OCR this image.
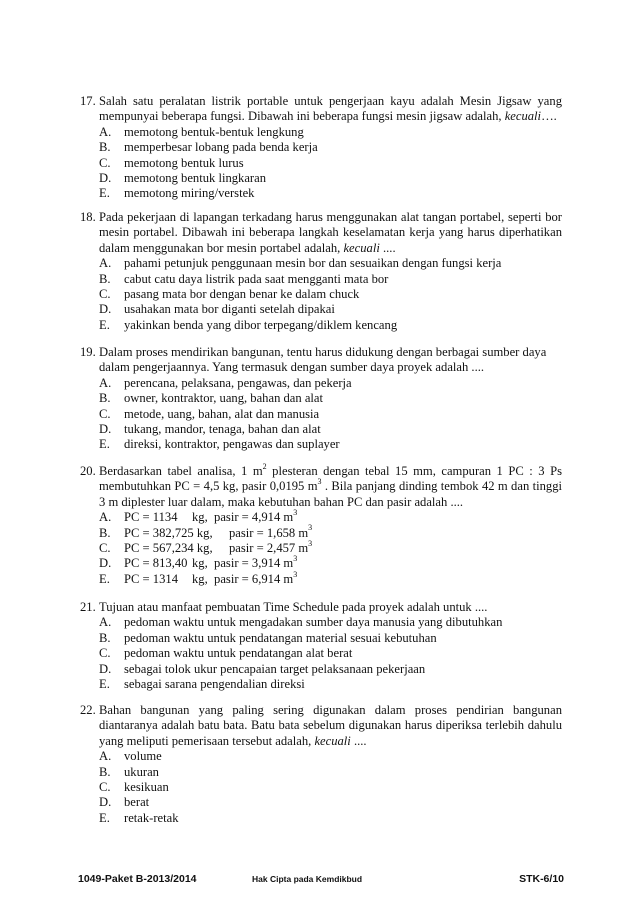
17. Salah satu peralatan listrik portable untuk pengerjaan kayu adalah Mesin Jigsaw yang mempunyai beberapa fungsi. Dibawah ini beberapa fungsi mesin jigsaw adalah, kecuali….
A. memotong bentuk-bentuk lengkung
B. memperbesar lobang pada benda kerja
C. memotong bentuk lurus
D. memotong bentuk lingkaran
E. memotong miring/verstek
18. Pada pekerjaan di lapangan terkadang harus menggunakan alat tangan portabel, seperti bor mesin portabel. Dibawah ini beberapa langkah keselamatan kerja yang harus diperhatikan dalam menggunakan bor mesin portabel adalah, kecuali ....
A. pahami petunjuk penggunaan mesin bor dan sesuaikan dengan fungsi kerja
B. cabut catu daya listrik pada saat mengganti mata bor
C. pasang mata bor dengan benar ke dalam chuck
D. usahakan mata bor diganti setelah dipakai
E. yakinkan benda yang dibor terpegang/diklem kencang
19. Dalam proses mendirikan bangunan, tentu harus didukung dengan berbagai sumber daya
dalam pengerjaannya. Yang termasuk dengan sumber daya proyek adalah ....
A. perencana, pelaksana, pengawas, dan pekerja
B. owner, kontraktor, uang, bahan dan alat
C. metode, uang, bahan, alat dan manusia
D. tukang, mandor, tenaga, bahan dan alat
E. direksi, kontraktor, pengawas dan suplayer
20. Berdasarkan tabel analisa, 1 $m^2$ plesteran dengan tebal 15 mm, campuran 1 PC : 3 Ps membutuhkan PC = 4,5 kg, pasir 0,0195 $m^3$ . Bila panjang dinding tembok 42 m dan tinggi 3 m diplester luar dalam, maka kebutuhan bahan PC dan pasir adalah ....
A. PC = 1134 kg, pasir = 4,914 $m^3$
B. PC = 382,725 kg, pasir = 1,658 $m^3$
C. PC = 567,234 kg, pasir = 2,457 $m^3$
D. PC = 813,40 kg, pasir = 3,914 $m^3$
E. PC = 1314 kg, pasir = 6,914 $m^3$
21. Tujuan atau manfaat pembuatan Time Schedule pada proyek adalah untuk ....
A. pedoman waktu untuk mengadakan sumber daya manusia yang dibutuhkan
B. pedoman waktu untuk pendatangan material sesuai kebutuhan
C. pedoman waktu untuk pendatangan alat berat
D. sebagai tolok ukur pencapaian target pelaksanaan pekerjaan
E. sebagai sarana pengendalian direksi
22. Bahan bangunan yang paling sering digunakan dalam proses pendirian bangunan diantaranya adalah batu bata. Batu bata sebelum digunakan harus diperiksa terlebih dahulu yang meliputi pemerisaan tersebut adalah, kecuali ....
A. volume
B. ukuran
C. kesikuan
D. berat
E. retak-retak
1049-Paket B-2013/2014	Hak Cipta pada Kemdikbud	STK-6/10
